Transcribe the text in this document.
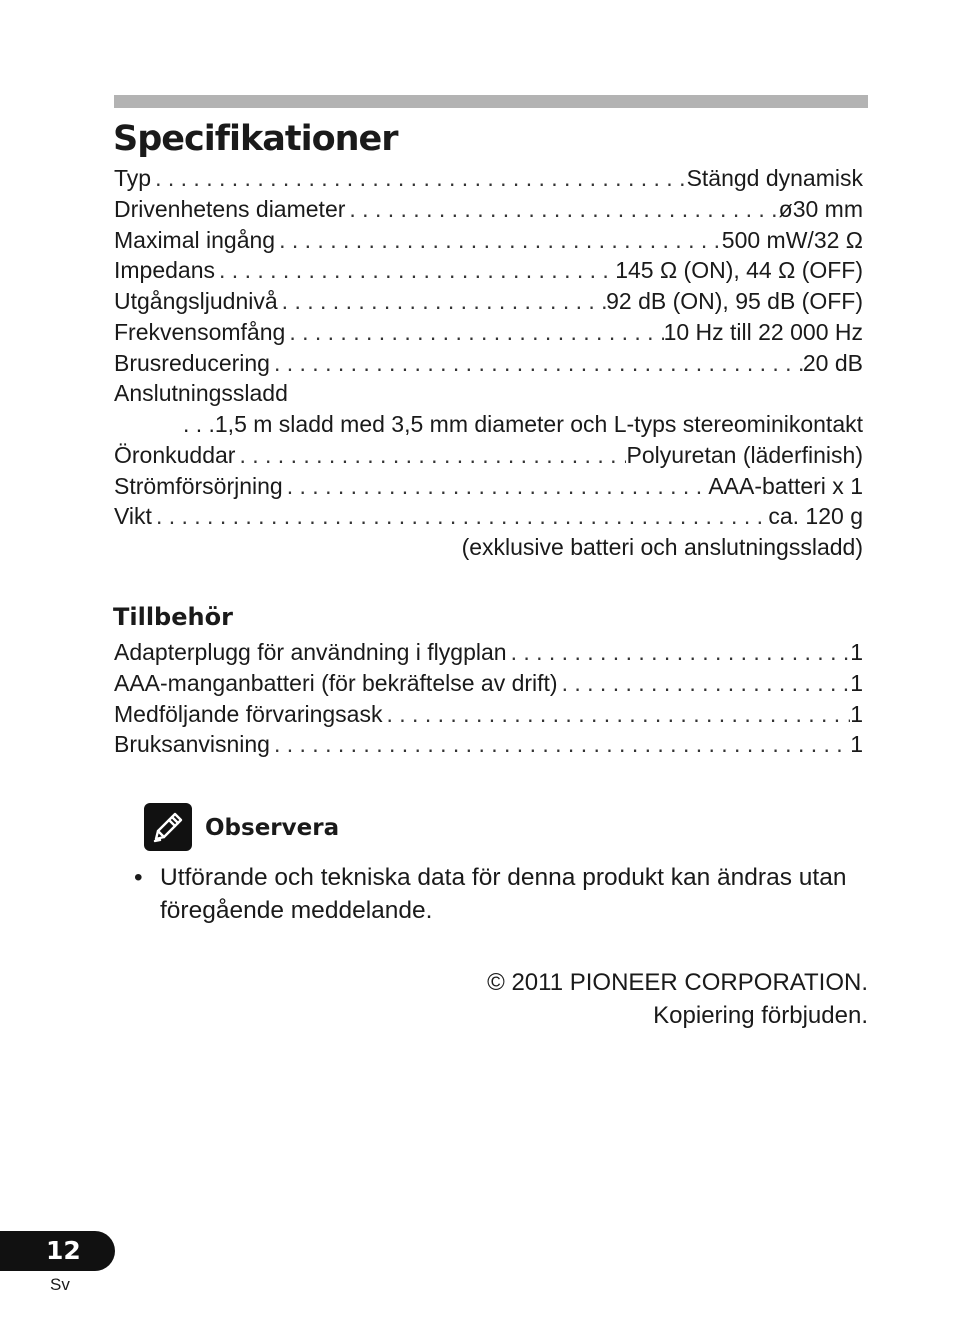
Specifikationer
Typ . . .	Stängd dynamisk
Drivenhetens diameter . . .	ø30 mm
Maximal ingång . . .	500 mW/32 Ω
Impedans . . .	145 Ω (ON), 44 Ω (OFF)
Utgångsljudnivå . . .	92 dB (ON), 95 dB (OFF)
Frekvensomfång . . .	10 Hz till 22 000 Hz
Brusreducering . . .	20 dB
Anslutningssladd
. . .1,5 m sladd med 3,5 mm diameter och L-typs stereominikontakt
Öronkuddar . . .	Polyuretan (läderfinish)
Strömförsörjning . . .	AAA-batteri x 1
Vikt . . .	ca. 120 g
(exklusive batteri och anslutningssladd)
Tillbehör
Adapterplugg för användning i flygplan . . .	1
AAA-manganbatteri (för bekräftelse av drift) . . .	1
Medföljande förvaringsask . . .	1
Bruksanvisning . . .	1
Observera
• Utförande och tekniska data för denna produkt kan ändras utan föregående meddelande.
© 2011 PIONEER CORPORATION.
Kopiering förbjuden.
12
Sv
